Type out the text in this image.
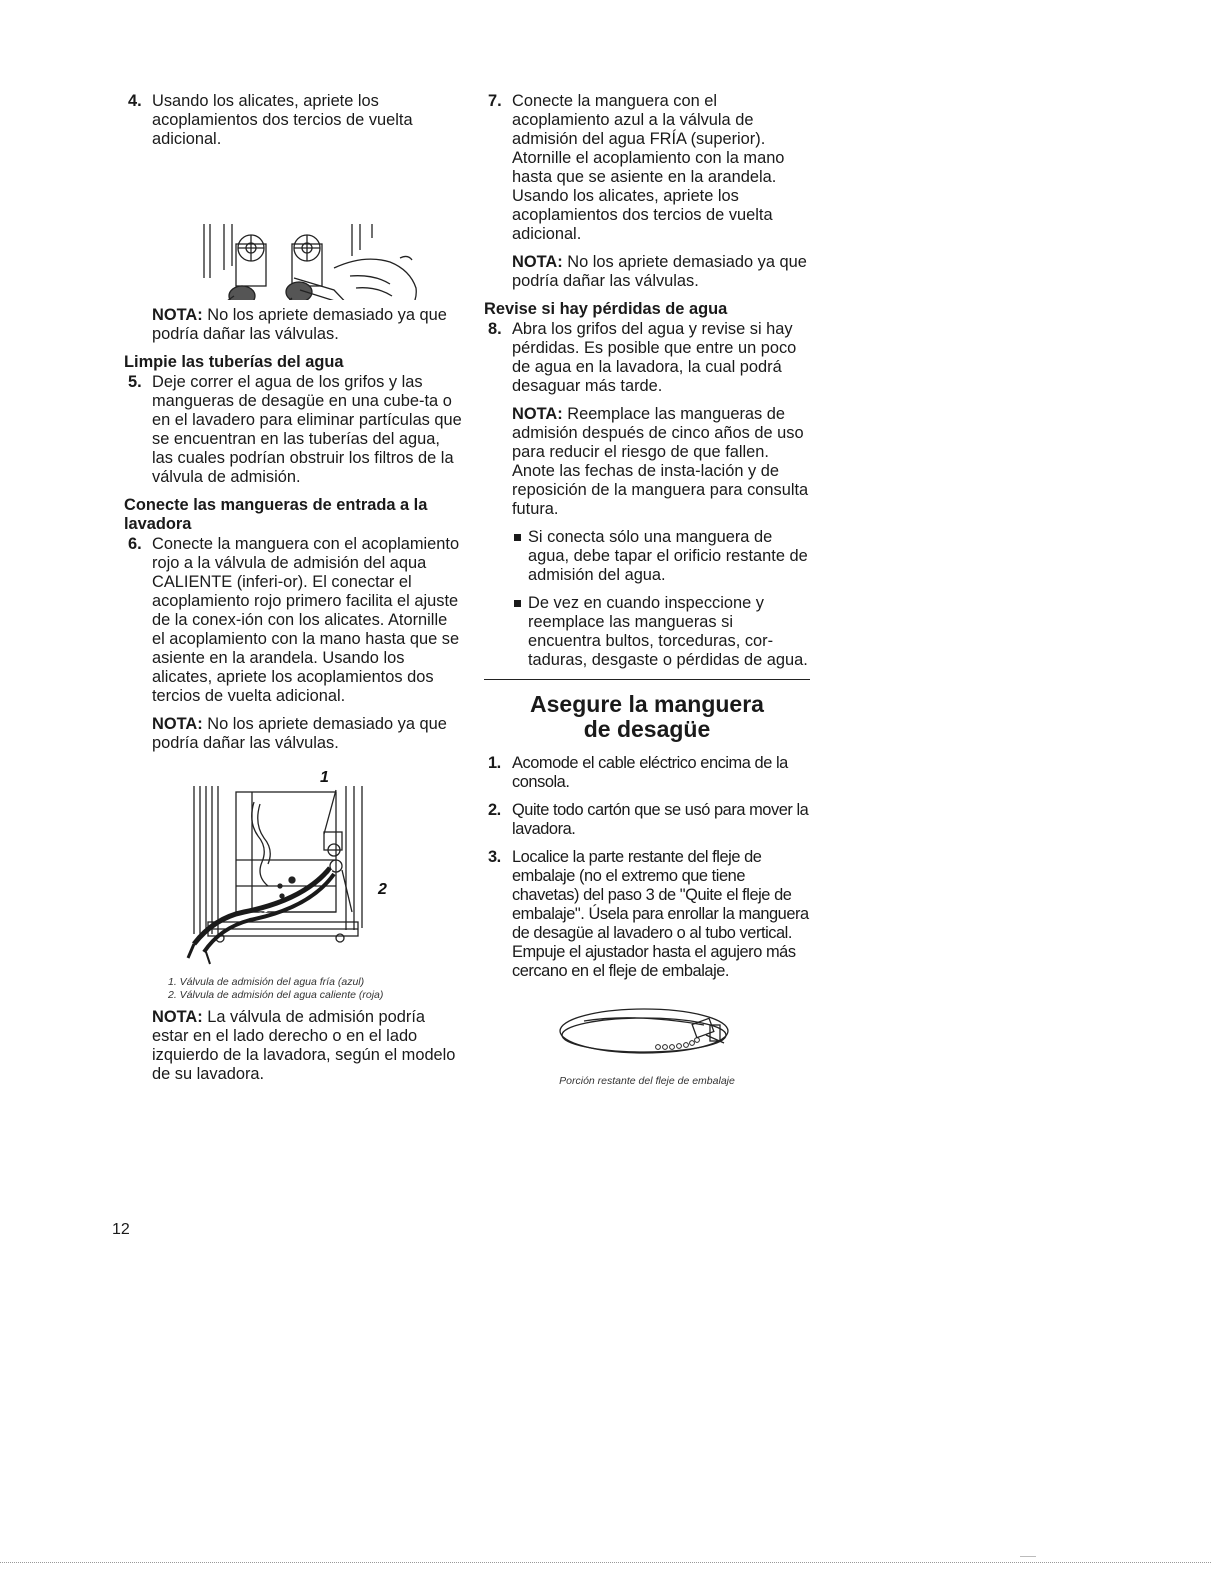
4. Usando los alicates, apriete los acoplamientos dos tercios de vuelta adicional.
NOTA: No los apriete demasiado ya que podría dañar las válvulas.
Limpie las tuberías del agua
5. Deje correr el agua de los grifos y las mangueras de desagüe en una cube-ta o en el lavadero para eliminar partículas que se encuentran en las tuberías del agua, las cuales podrían obstruir los filtros de la válvula de admisión.
Conecte las mangueras de entrada a la lavadora
6. Conecte la manguera con el acoplamiento rojo a la válvula de admisión del aqua CALIENTE (inferi-or). El conectar el acoplamiento rojo primero facilita el ajuste de la conex-ión con los alicates. Atornille el acoplamiento con la mano hasta que se asiente en la arandela. Usando los alicates, apriete los acoplamientos dos tercios de vuelta adicional.
NOTA: No los apriete demasiado ya que podría dañar las válvulas.
1
2
1. Válvula de admisión del agua fría (azul)
2. Válvula de admisión del agua caliente (roja)
NOTA: La válvula de admisión podría estar en el lado derecho o en el lado izquierdo de la lavadora, según el modelo de su lavadora.
7. Conecte la manguera con el acoplamiento azul a la válvula de admisión del agua FRÍA (superior). Atornille el acoplamiento con la mano hasta que se asiente en la arandela. Usando los alicates, apriete los acoplamientos dos tercios de vuelta adicional.
NOTA: No los apriete demasiado ya que podría dañar las válvulas.
Revise si hay pérdidas de agua
8. Abra los grifos del agua y revise si hay pérdidas. Es posible que entre un poco de agua en la lavadora, la cual podrá desaguar más tarde.
NOTA: Reemplace las mangueras de admisión después de cinco años de uso para reducir el riesgo de que fallen. Anote las fechas de insta-lación y de reposición de la manguera para consulta futura.
Si conecta sólo una manguera de agua, debe tapar el orificio restante de admisión del agua.
De vez en cuando inspeccione y reemplace las mangueras si encuentra bultos, torceduras, cor-taduras, desgaste o pérdidas de agua.
Asegure la manguera
de desagüe
1. Acomode el cable eléctrico encima de la consola.
2. Quite todo cartón que se usó para mover la lavadora.
3. Localice la parte restante del fleje de embalaje (no el extremo que tiene chavetas) del paso 3 de "Quite el fleje de embalaje". Úsela para enrollar la manguera de desagüe al lavadero o al tubo vertical. Empuje el ajustador hasta el agujero más cercano en el fleje de embalaje.
Porción restante del fleje de embalaje
12
